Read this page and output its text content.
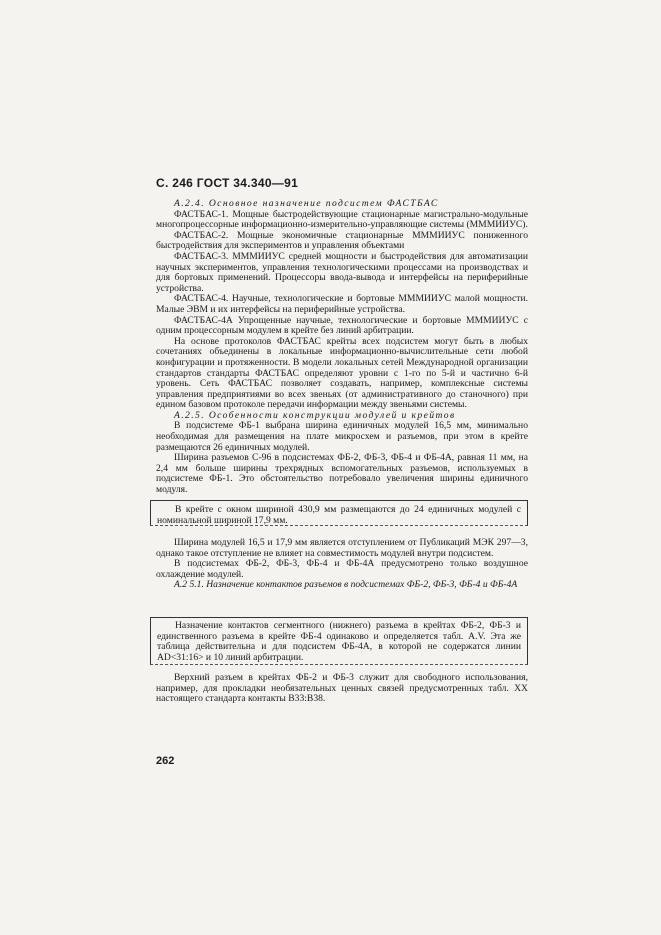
С. 246 ГОСТ 34.340—91

А.2.4. Основное назначение подсистем ФАСТБАС

ФАСТБАС-1. Мощные быстродействующие стационарные магистрально-модульные многопроцессорные информационно-измерительно-управляющие системы (МММИИУС).

ФАСТБАС-2. Мощные экономичные стационарные МММИИУС пониженного быстродействия для экспериментов и управления объектами

ФАСТБАС-3. МММИИУС средней мощности и быстродействия для автоматизации научных экспериментов, управления технологическими процессами на производствах и для бортовых применений. Процессоры ввода-вывода и интерфейсы на периферийные устройства.

ФАСТБАС-4. Научные, технологические и бортовые МММИИУС малой мощности. Малые ЭВМ и их интерфейсы на периферийные устройства.

ФАСТБАС-4А Упрощенные научные, технологические и бортовые МММИИУС с одним процессорным модулем в крейте без линий арбитрации.

На основе протоколов ФАСТБАС крейты всех подсистем могут быть в любых сочетаниях объединены в локальные информационно-вычислительные сети любой конфигурации и протяженности. В модели локальных сетей Международной организации стандартов стандарты ФАСТБАС определяют уровни с 1-го по 5-й и частично 6-й уровень. Сеть ФАСТБАС позволяет создавать, например, комплексные системы управления предприятиями во всех звеньях (от административного до станочного) при едином базовом протоколе передачи информации между звеньями системы.

А.2.5. Особенности конструкции модулей и крейтов

В подсистеме ФБ-1 выбрана ширина единичных модулей 16,5 мм, минимально необходимая для размещения на плате микросхем и разъемов, при этом в крейте размещаются 26 единичных модулей.

Ширина разъемов С-96 в подсистемах ФБ-2, ФБ-3, ФБ-4 и ФБ-4А, равная 11 мм, на 2,4 мм больше ширины трехрядных вспомогательных разъемов, используемых в подсистеме ФБ-1. Это обстоятельство потребовало увеличения ширины единичного модуля.

В крейте с окном шириной 430,9 мм размещаются до 24 единичных модулей с номинальной шириной 17,9 мм.

Ширина модулей 16,5 и 17,9 мм является отступлением от Публикаций МЭК 297—3, однако такое отступление не влияет на совместимость модулей внутри подсистем.

В подсистемах ФБ-2, ФБ-3, ФБ-4 и ФБ-4А предусмотрено только воздушное охлаждение модулей.

А.2 5.1. Назначение контактов разъемов в подсистемах ФБ-2, ФБ-3, ФБ-4 и ФБ-4А

Назначение контактов сегментного (нижнего) разъема в крейтах ФБ-2, ФБ-3 и единственного разъема в крейте ФБ-4 одинаково и определяется табл. А.V. Эта же таблица действительна и для подсистем ФБ-4А, в которой не содержатся линии AD<31:16> и 10 линий арбитрации.

Верхний разъем в крейтах ФБ-2 и ФБ-3 служит для свободного использования, например, для прокладки необязательных ценных связей предусмотренных табл. XX настоящего стандарта контакты В33:В38.

262
